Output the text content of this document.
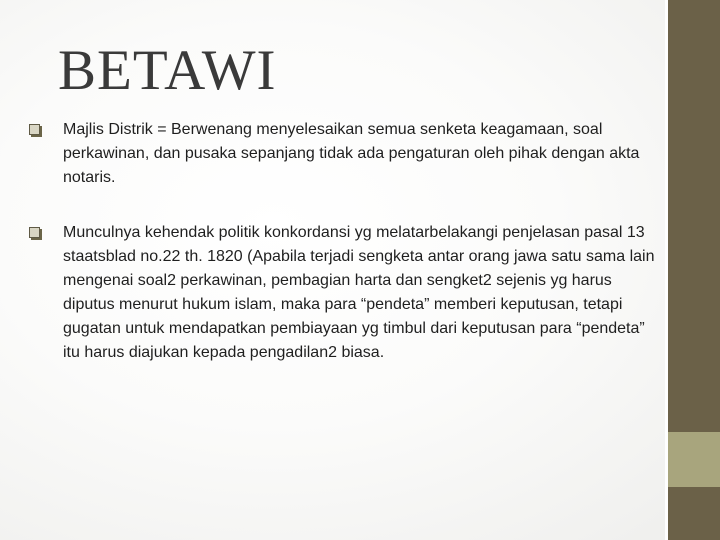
BETAWI
Majlis Distrik = Berwenang menyelesaikan semua senketa keagamaan, soal perkawinan, dan pusaka sepanjang tidak ada pengaturan oleh pihak dengan akta notaris.
Munculnya kehendak politik konkordansi yg melatarbelakangi penjelasan pasal 13 staatsblad no.22 th. 1820 (Apabila terjadi sengketa antar orang jawa satu sama lain mengenai soal2 perkawinan, pembagian harta dan sengket2 sejenis yg harus diputus menurut hukum islam, maka para “pendeta” memberi keputusan, tetapi gugatan untuk mendapatkan pembiayaan yg timbul dari keputusan para “pendeta” itu harus diajukan kepada pengadilan2 biasa.
